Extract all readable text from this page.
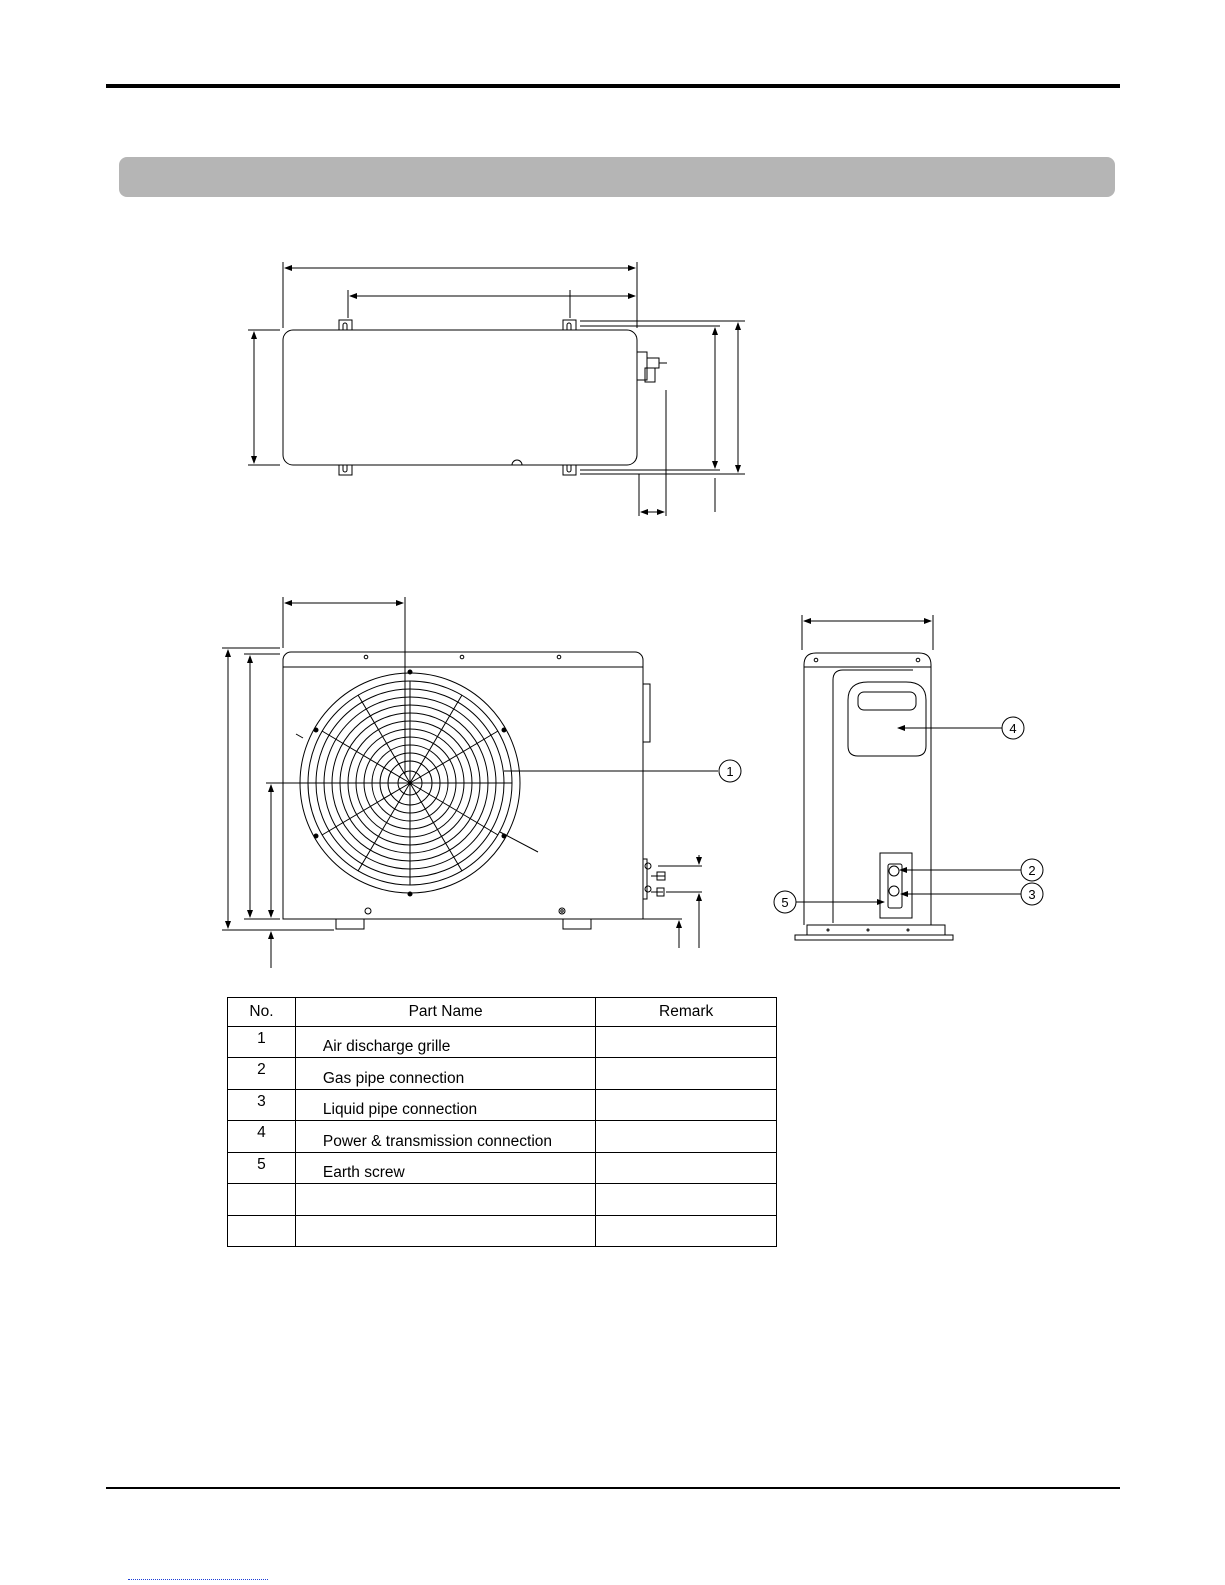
1
4
2
3
5
No.	Part Name	Remark
1	Air discharge grille	
2	Gas pipe connection	
3	Liquid pipe connection	
4	Power & transmission connection	
5	Earth screw	
